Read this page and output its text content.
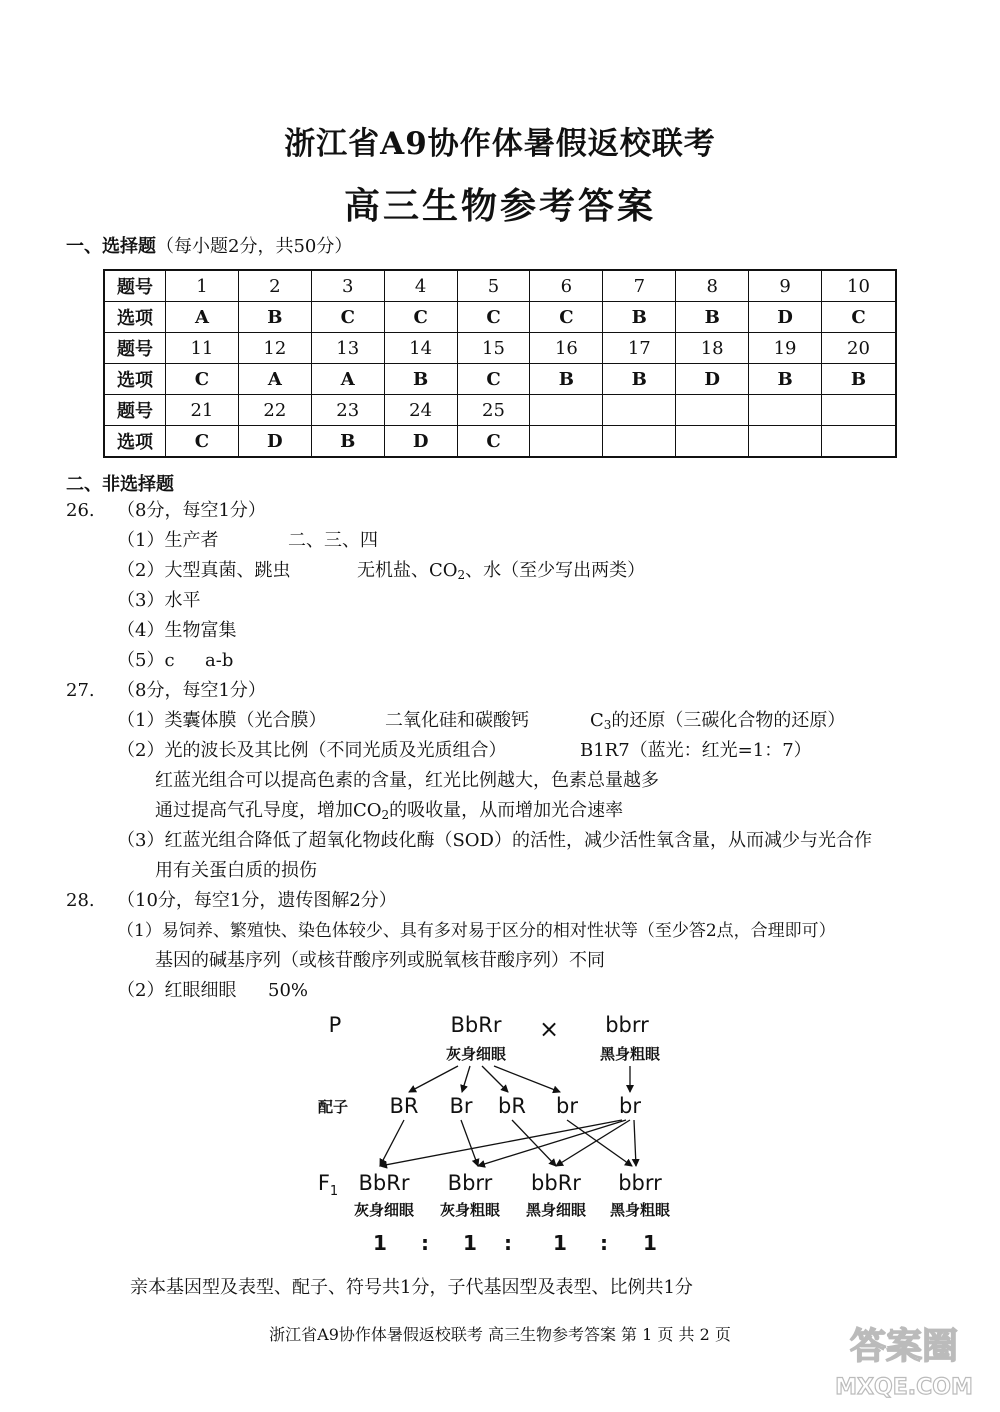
浙江省A9协作体暑假返校联考
高三生物参考答案
一、选择题（每小题2分，共50分）
题号	1	2	3	4	5	6	7	8	9	10
选项	A	B	C	C	C	C	B	B	D	C
题号	11	12	13	14	15	16	17	18	19	20
选项	C	A	A	B	C	B	B	D	B	B
题号	21	22	23	24	25					
选项	C	D	B	D	C					
二、非选择题
26. （8分，每空1分）
（1）生产者	二、三、四
（2）大型真菌、跳虫	无机盐、$CO_2$、水（至少写出两类）
（3）水平
（4）生物富集
（5）c a-b
27. （8分，每空1分）
（1）类囊体膜（光合膜）	二氧化硅和碳酸钙	$C_3$的还原（三碳化合物的还原）
（2）光的波长及其比例（不同光质及光质组合）	B1R7（蓝光：红光=1：7）
红蓝光组合可以提高色素的含量，红光比例越大，色素总量越多
通过提高气孔导度，增加$CO_2$的吸收量，从而增加光合速率
（3）红蓝光组合降低了超氧化物歧化酶（SOD）的活性，减少活性氧含量，从而减少与光合作
用有关蛋白质的损伤
28. （10分，每空1分，遗传图解2分）
（1）易饲养、繁殖快、染色体较少、具有多对易于区分的相对性状等（至少答2点，合理即可）
基因的碱基序列（或核苷酸序列或脱氧核苷酸序列）不同
（2）红眼细眼 50%
P	BbRr
灰身细眼
× bbrr
黑身粗眼
配子 BR Br bR br br
$F_1$ BbRr Bbrr bbRr bbrr
灰身细眼 灰身粗眼 黑身细眼 黑身粗眼
1 : 1 : 1 : 1
亲本基因型及表型、配子、符号共1分，子代基因型及表型、比例共1分
浙江省A9协作体暑假返校联考 高三生物参考答案 第 1 页 共 2 页	答案圈
MXQE.COM
